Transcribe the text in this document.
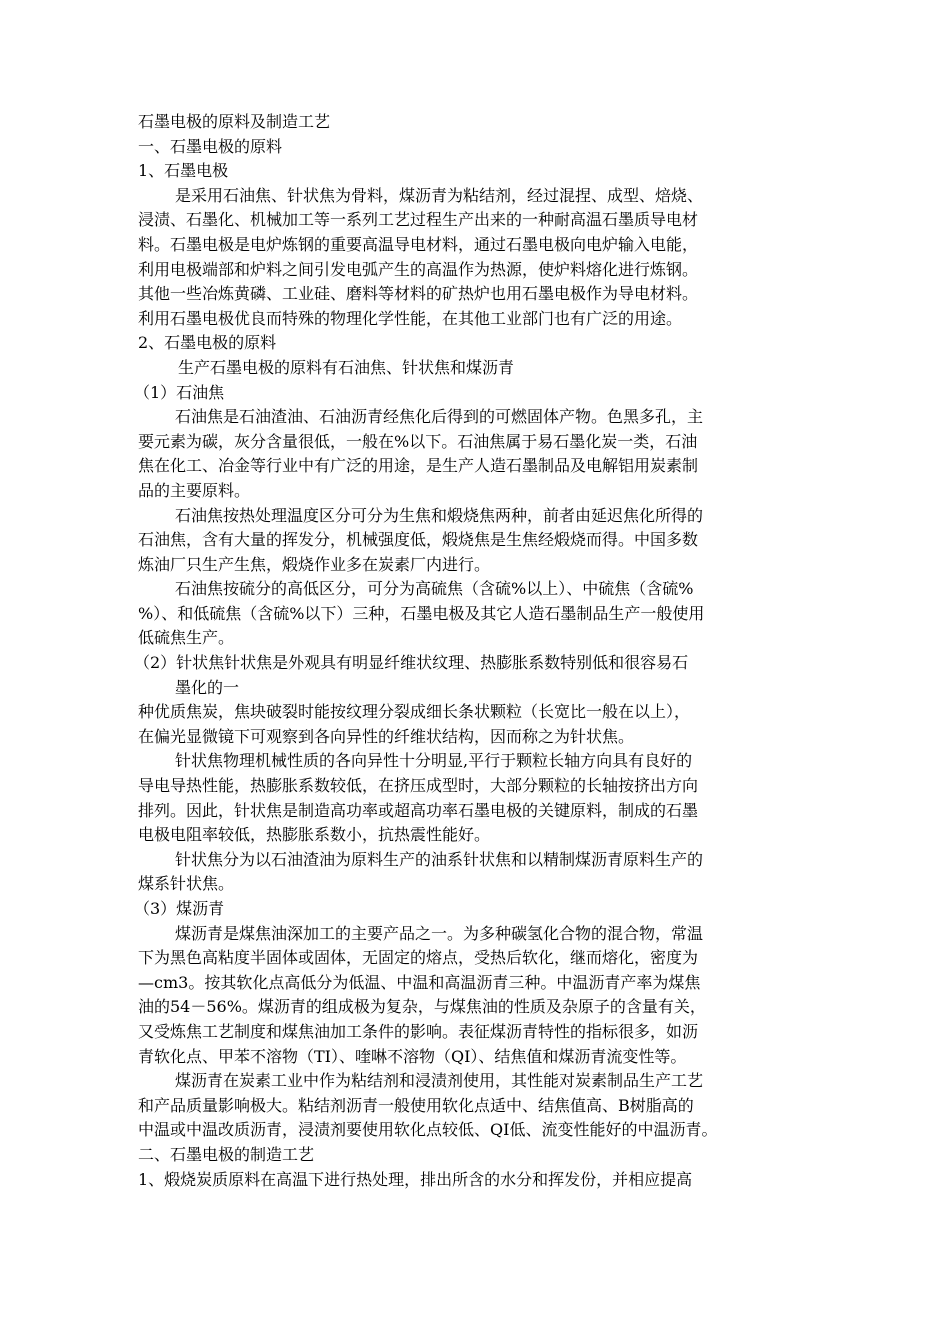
石墨电极的原料及制造工艺

一、石墨电极的原料

1、石墨电极

是采用石油焦、针状焦为骨料，煤沥青为粘结剂，经过混捏、成型、焙烧、

浸渍、石墨化、机械加工等一系列工艺过程生产出来的一种耐高温石墨质导电材

料。石墨电极是电炉炼钢的重要高温导电材料，通过石墨电极向电炉输入电能，

利用电极端部和炉料之间引发电弧产生的高温作为热源，使炉料熔化进行炼钢。

其他一些冶炼黄磷、工业硅、磨料等材料的矿热炉也用石墨电极作为导电材料。

利用石墨电极优良而特殊的物理化学性能，在其他工业部门也有广泛的用途。

2、石墨电极的原料

生产石墨电极的原料有石油焦、针状焦和煤沥青

（1）石油焦

石油焦是石油渣油、石油沥青经焦化后得到的可燃固体产物。色黑多孔，主

要元素为碳，灰分含量很低，一般在%以下。石油焦属于易石墨化炭一类，石油

焦在化工、冶金等行业中有广泛的用途，是生产人造石墨制品及电解铝用炭素制

品的主要原料。

石油焦按热处理温度区分可分为生焦和煅烧焦两种，前者由延迟焦化所得的

石油焦，含有大量的挥发分，机械强度低，煅烧焦是生焦经煅烧而得。中国多数

炼油厂只生产生焦，煅烧作业多在炭素厂内进行。

石油焦按硫分的高低区分，可分为高硫焦（含硫%以上）、中硫焦（含硫%

%）、和低硫焦（含硫%以下）三种，石墨电极及其它人造石墨制品生产一般使用

低硫焦生产。

（2）针状焦针状焦是外观具有明显纤维状纹理、热膨胀系数特别低和很容易石

墨化的一

种优质焦炭，焦块破裂时能按纹理分裂成细长条状颗粒（长宽比一般在以上），

在偏光显微镜下可观察到各向异性的纤维状结构，因而称之为针状焦。

针状焦物理机械性质的各向异性十分明显,平行于颗粒长轴方向具有良好的

导电导热性能，热膨胀系数较低，在挤压成型时，大部分颗粒的长轴按挤出方向

排列。因此，针状焦是制造高功率或超高功率石墨电极的关键原料，制成的石墨

电极电阻率较低，热膨胀系数小，抗热震性能好。

针状焦分为以石油渣油为原料生产的油系针状焦和以精制煤沥青原料生产的

煤系针状焦。

（3）煤沥青

煤沥青是煤焦油深加工的主要产品之一。为多种碳氢化合物的混合物，常温

下为黑色高粘度半固体或固体，无固定的熔点，受热后软化，继而熔化，密度为

—cm3。按其软化点高低分为低温、中温和高温沥青三种。中温沥青产率为煤焦

油的54－56%。煤沥青的组成极为复杂，与煤焦油的性质及杂原子的含量有关，

又受炼焦工艺制度和煤焦油加工条件的影响。表征煤沥青特性的指标很多，如沥

青软化点、甲苯不溶物（TI）、喹啉不溶物（QI）、结焦值和煤沥青流变性等。

煤沥青在炭素工业中作为粘结剂和浸渍剂使用，其性能对炭素制品生产工艺

和产品质量影响极大。粘结剂沥青一般使用软化点适中、结焦值高、Β树脂高的

中温或中温改质沥青，浸渍剂要使用软化点较低、QI低、流变性能好的中温沥青。

二、石墨电极的制造工艺

1、煅烧炭质原料在高温下进行热处理，排出所含的水分和挥发份，并相应提高
